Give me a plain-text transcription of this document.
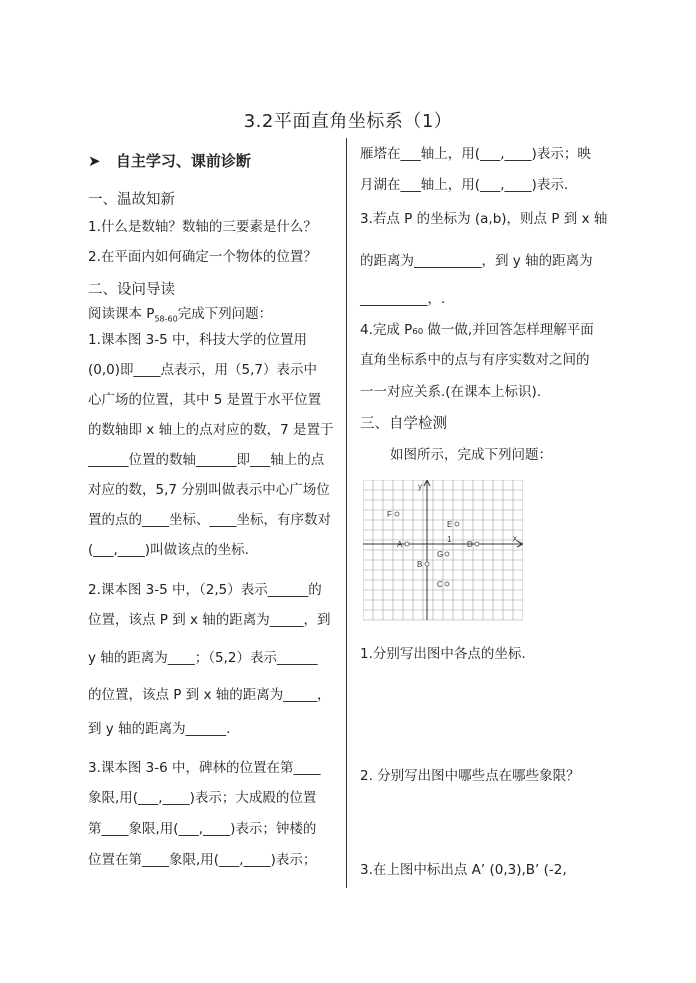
3.2平面直角坐标系（1）
➤ 自主学习、课前诊断
一、温故知新
1.什么是数轴？数轴的三要素是什么？
2.在平面内如何确定一个物体的位置？
二、设问导读
阅读课本 $P_{58-60}$完成下列问题：
1.课本图 3-5 中，科技大学的位置用
(0,0)即____点表示，用（5,7）表示中
心广场的位置，其中 5 是置于水平位置
的数轴即 x 轴上的点对应的数，7 是置于
______位置的数轴______即___轴上的点
对应的数，5,7 分别叫做表示中心广场位
置的点的____坐标、____坐标，有序数对
(___,____)叫做该点的坐标.
2.课本图 3-5 中，（2,5）表示______的
位置，该点 P 到 x 轴的距离为_____，到
y 轴的距离为____；（5,2）表示______
的位置，该点 P 到 x 轴的距离为_____，
到 y 轴的距离为______.
3.课本图 3-6 中，碑林的位置在第____
象限,用(___,____)表示；大成殿的位置
第____象限,用(___,____)表示；钟楼的
位置在第____象限,用(___,____)表示；
雁塔在___轴上，用(___,____)表示；映
月湖在___轴上，用(___,____)表示.
3.若点 P 的坐标为 (a,b)，则点 P 到 x 轴
的距离为__________，到 y 轴的距离为
__________，.
4.完成 P₆₀ 做一做,并回答怎样理解平面
直角坐标系中的点与有序实数对之间的
一一对应关系.(在课本上标识).
三、自学检测
如图所示，完成下列问题：
1.分别写出图中各点的坐标.
2. 分别写出图中哪些点在哪些象限？
3.在上图中标出点 A’ (0,3),B’ (-2,
x
y
1
F
E
A	D
G
B
C
